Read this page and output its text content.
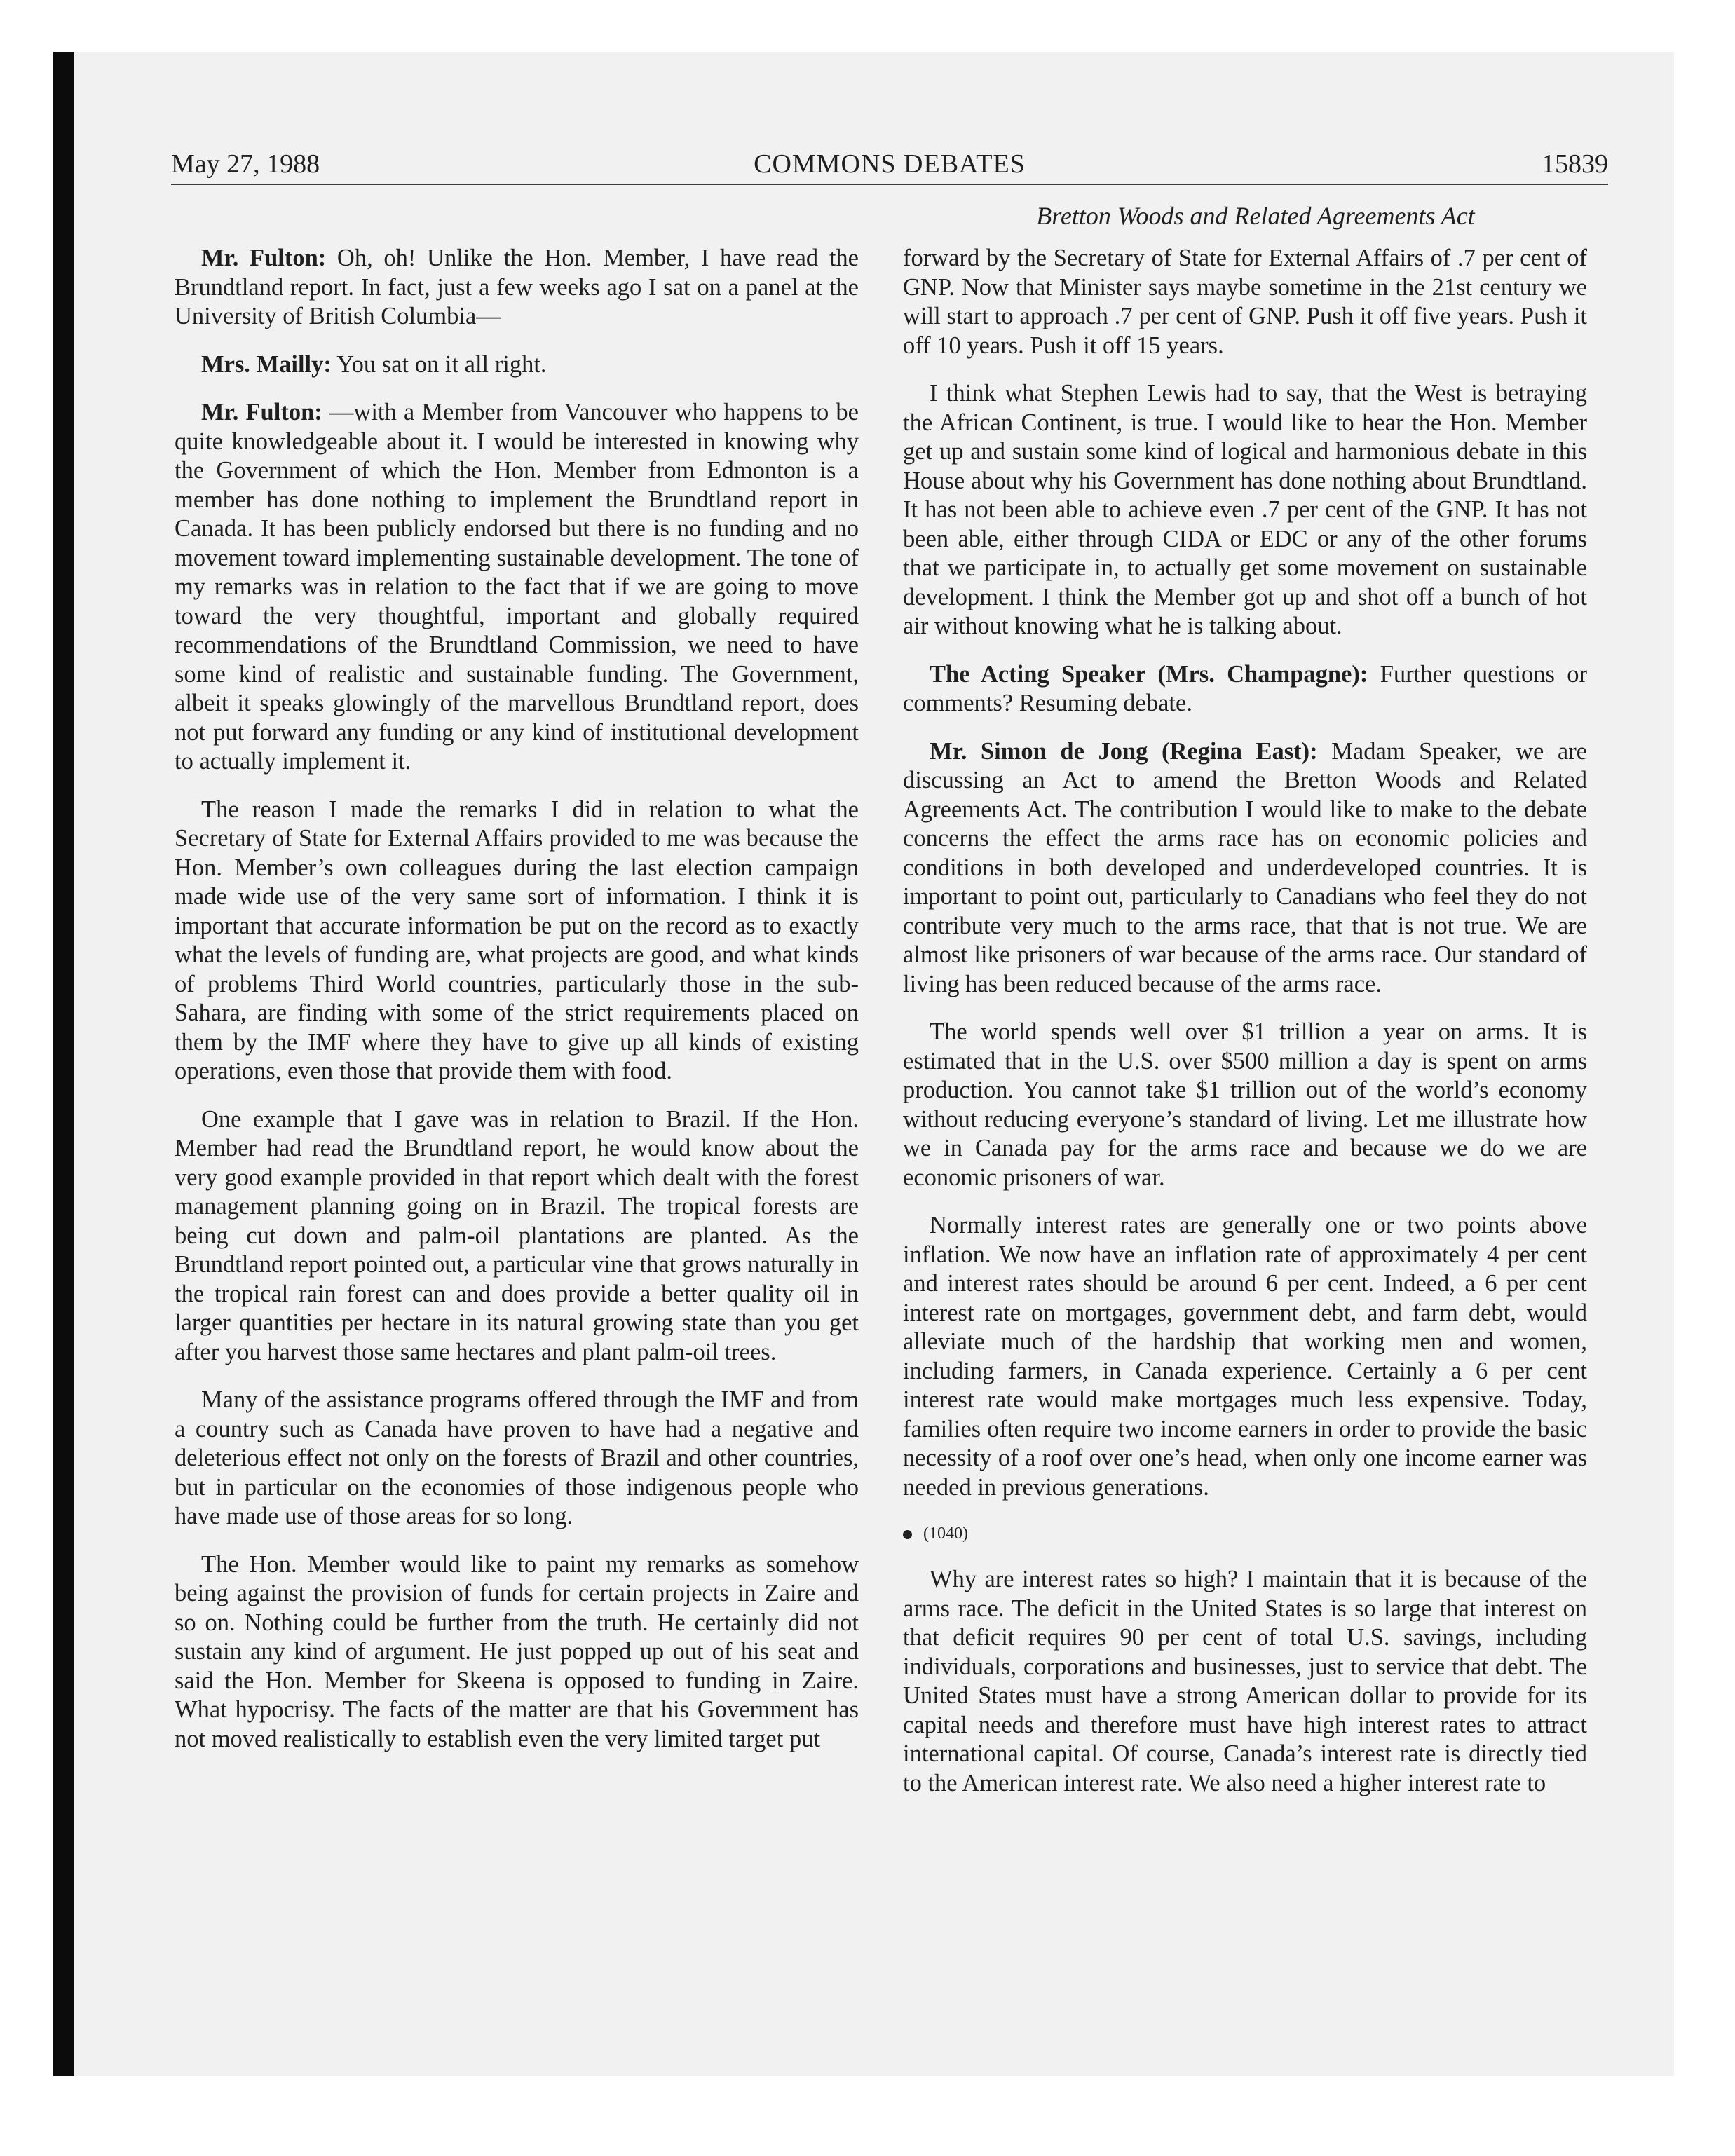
May 27, 1988	COMMONS DEBATES	15839
Bretton Woods and Related Agreements Act

Mr. Fulton: Oh, oh! Unlike the Hon. Member, I have read the Brundtland report. In fact, just a few weeks ago I sat on a panel at the University of British Columbia—

Mrs. Mailly: You sat on it all right.

Mr. Fulton: —with a Member from Vancouver who happens to be quite knowledgeable about it. I would be interested in knowing why the Government of which the Hon. Member from Edmonton is a member has done nothing to implement the Brundtland report in Canada. It has been publicly endorsed but there is no funding and no movement toward implementing sustainable development. The tone of my remarks was in relation to the fact that if we are going to move toward the very thoughtful, important and globally required recommendations of the Brundtland Commission, we need to have some kind of realistic and sustainable funding. The Government, albeit it speaks glowingly of the marvellous Brundtland report, does not put forward any funding or any kind of institutional development to actually implement it.

The reason I made the remarks I did in relation to what the Secretary of State for External Affairs provided to me was because the Hon. Member’s own colleagues during the last election campaign made wide use of the very same sort of information. I think it is important that accurate information be put on the record as to exactly what the levels of funding are, what projects are good, and what kinds of problems Third World countries, particularly those in the sub-Sahara, are finding with some of the strict requirements placed on them by the IMF where they have to give up all kinds of existing operations, even those that provide them with food.

One example that I gave was in relation to Brazil. If the Hon. Member had read the Brundtland report, he would know about the very good example provided in that report which dealt with the forest management planning going on in Brazil. The tropical forests are being cut down and palm-oil plantations are planted. As the Brundtland report pointed out, a particular vine that grows naturally in the tropical rain forest can and does provide a better quality oil in larger quantities per hectare in its natural growing state than you get after you harvest those same hectares and plant palm-oil trees.

Many of the assistance programs offered through the IMF and from a country such as Canada have proven to have had a negative and deleterious effect not only on the forests of Brazil and other countries, but in particular on the economies of those indigenous people who have made use of those areas for so long.

The Hon. Member would like to paint my remarks as somehow being against the provision of funds for certain projects in Zaire and so on. Nothing could be further from the truth. He certainly did not sustain any kind of argument. He just popped up out of his seat and said the Hon. Member for Skeena is opposed to funding in Zaire. What hypocrisy. The facts of the matter are that his Government has not moved realistically to establish even the very limited target put

forward by the Secretary of State for External Affairs of .7 per cent of GNP. Now that Minister says maybe sometime in the 21st century we will start to approach .7 per cent of GNP. Push it off five years. Push it off 10 years. Push it off 15 years.

I think what Stephen Lewis had to say, that the West is betraying the African Continent, is true. I would like to hear the Hon. Member get up and sustain some kind of logical and harmonious debate in this House about why his Government has done nothing about Brundtland. It has not been able to achieve even .7 per cent of the GNP. It has not been able, either through CIDA or EDC or any of the other forums that we participate in, to actually get some movement on sustainable development. I think the Member got up and shot off a bunch of hot air without knowing what he is talking about.

The Acting Speaker (Mrs. Champagne): Further questions or comments? Resuming debate.

Mr. Simon de Jong (Regina East): Madam Speaker, we are discussing an Act to amend the Bretton Woods and Related Agreements Act. The contribution I would like to make to the debate concerns the effect the arms race has on economic policies and conditions in both developed and underdeveloped countries. It is important to point out, particularly to Canadians who feel they do not contribute very much to the arms race, that that is not true. We are almost like prisoners of war because of the arms race. Our standard of living has been reduced because of the arms race.

The world spends well over $1 trillion a year on arms. It is estimated that in the U.S. over $500 million a day is spent on arms production. You cannot take $1 trillion out of the world’s economy without reducing everyone’s standard of living. Let me illustrate how we in Canada pay for the arms race and because we do we are economic prisoners of war.

Normally interest rates are generally one or two points above inflation. We now have an inflation rate of approximately 4 per cent and interest rates should be around 6 per cent. Indeed, a 6 per cent interest rate on mortgages, government debt, and farm debt, would alleviate much of the hardship that working men and women, including farmers, in Canada experience. Certainly a 6 per cent interest rate would make mortgages much less expensive. Today, families often require two income earners in order to provide the basic necessity of a roof over one’s head, when only one income earner was needed in previous generations.

(1040)

Why are interest rates so high? I maintain that it is because of the arms race. The deficit in the United States is so large that interest on that deficit requires 90 per cent of total U.S. savings, including individuals, corporations and businesses, just to service that debt. The United States must have a strong American dollar to provide for its capital needs and therefore must have high interest rates to attract international capital. Of course, Canada’s interest rate is directly tied to the American interest rate. We also need a higher interest rate to
